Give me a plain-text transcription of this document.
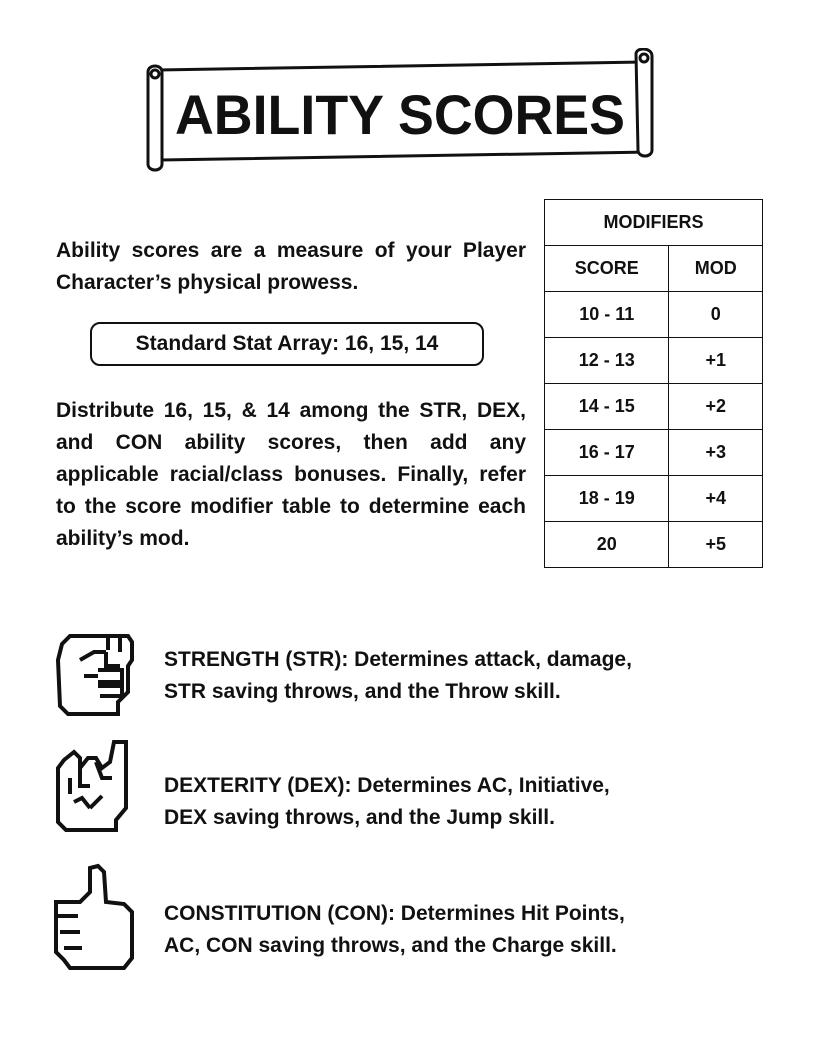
ABILITY SCORES
Ability scores are a measure of your Player Character’s physical prowess.
Standard Stat Array: 16, 15, 14
Distribute 16, 15, & 14 among the STR, DEX, and CON ability scores, then add any applicable racial/class bonuses. Finally, refer to the score modifier table to determine each ability’s mod.
MODIFIERS	
SCORE	MOD
10 - 11	0
12 - 13	+1
14 - 15	+2
16 - 17	+3
18 - 19	+4
20	+5
STRENGTH (STR): Determines attack, damage,
STR saving throws, and the Throw skill.
DEXTERITY (DEX): Determines AC, Initiative,
DEX saving throws, and the Jump skill.
CONSTITUTION (CON): Determines Hit Points,
AC, CON saving throws, and the Charge skill.
